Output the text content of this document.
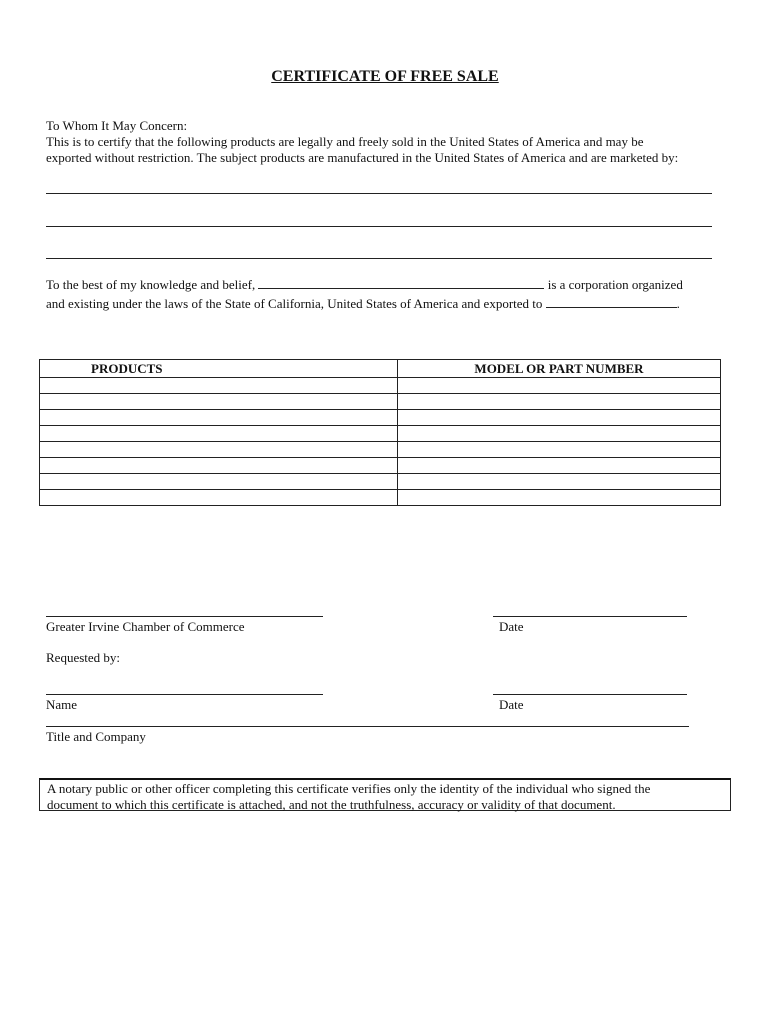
CERTIFICATE OF FREE SALE
To Whom It May Concern:
This is to certify that the following products are legally and freely sold in the United States of America and may be
exported without restriction. The subject products are manufactured in the United States of America and are marketed by:
To the best of my knowledge and belief,	is a corporation organized
and existing under the laws of the State of California, United States of America and exported to	.
PRODUCTS	MODEL OR PART NUMBER

Greater Irvine Chamber of Commerce	Date
Requested by:
Name	Date
Title and Company
A notary public or other officer completing this certificate verifies only the identity of the individual who signed the
document to which this certificate is attached, and not the truthfulness, accuracy or validity of that document.
